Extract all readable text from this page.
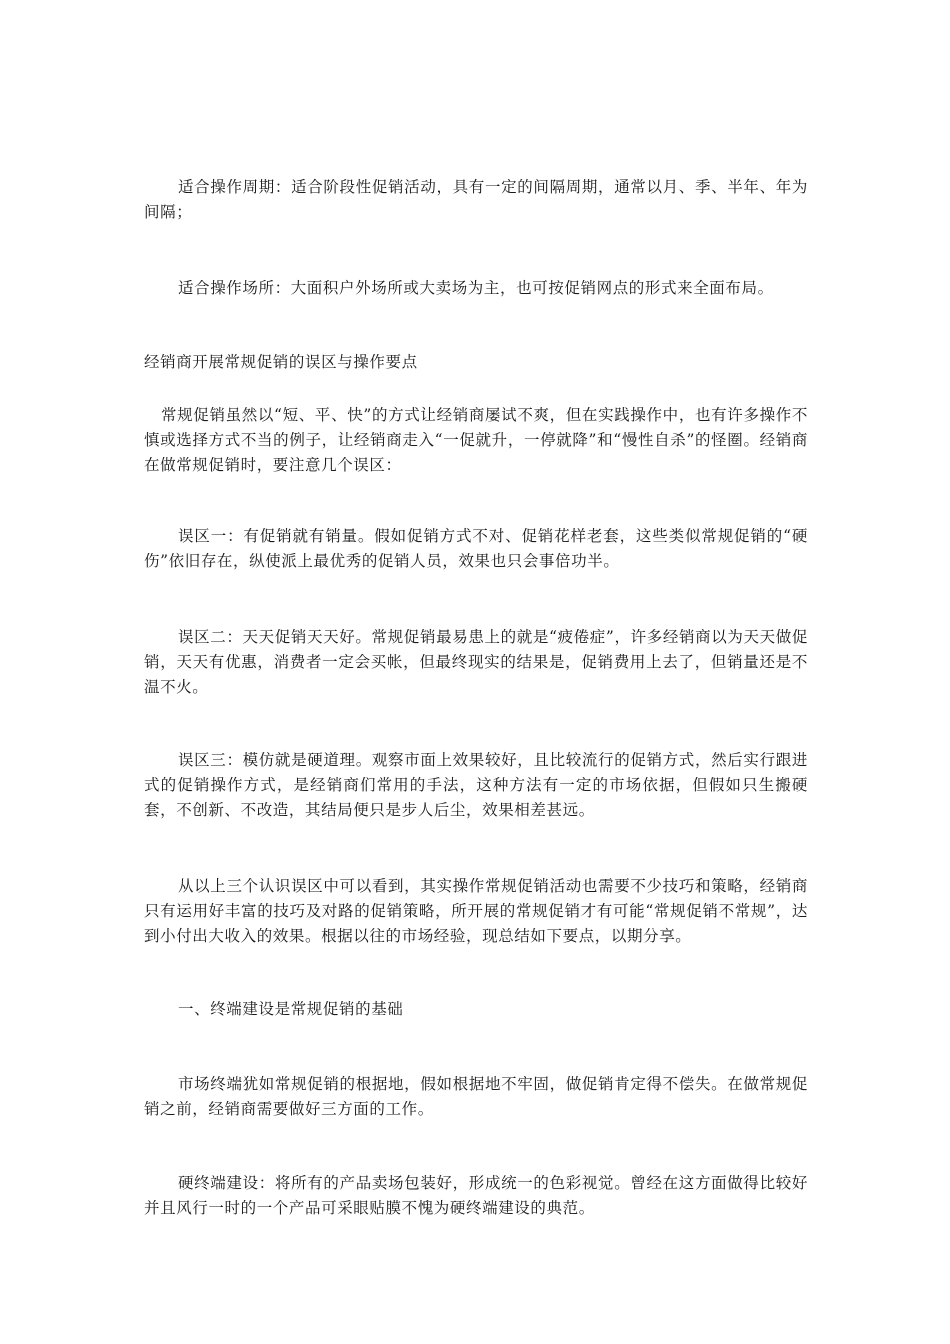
适合操作周期：适合阶段性促销活动，具有一定的间隔周期，通常以月、季、半年、年为间隔；

适合操作场所：大面积户外场所或大卖场为主，也可按促销网点的形式来全面布局。

经销商开展常规促销的误区与操作要点

常规促销虽然以“短、平、快”的方式让经销商屡试不爽，但在实践操作中，也有许多操作不慎或选择方式不当的例子，让经销商走入“一促就升，一停就降”和“慢性自杀”的怪圈。经销商在做常规促销时，要注意几个误区：

误区一：有促销就有销量。假如促销方式不对、促销花样老套，这些类似常规促销的“硬伤”依旧存在，纵使派上最优秀的促销人员，效果也只会事倍功半。

误区二：天天促销天天好。常规促销最易患上的就是“疲倦症”，许多经销商以为天天做促销，天天有优惠，消费者一定会买帐，但最终现实的结果是，促销费用上去了，但销量还是不温不火。

误区三：模仿就是硬道理。观察市面上效果较好，且比较流行的促销方式，然后实行跟进式的促销操作方式，是经销商们常用的手法，这种方法有一定的市场依据，但假如只生搬硬套，不创新、不改造，其结局便只是步人后尘，效果相差甚远。

从以上三个认识误区中可以看到，其实操作常规促销活动也需要不少技巧和策略，经销商只有运用好丰富的技巧及对路的促销策略，所开展的常规促销才有可能“常规促销不常规”，达到小付出大收入的效果。根据以往的市场经验，现总结如下要点，以期分享。

一、终端建设是常规促销的基础

市场终端犹如常规促销的根据地，假如根据地不牢固，做促销肯定得不偿失。在做常规促销之前，经销商需要做好三方面的工作。

硬终端建设：将所有的产品卖场包装好，形成统一的色彩视觉。曾经在这方面做得比较好并且风行一时的一个产品可采眼贴膜不愧为硬终端建设的典范。
